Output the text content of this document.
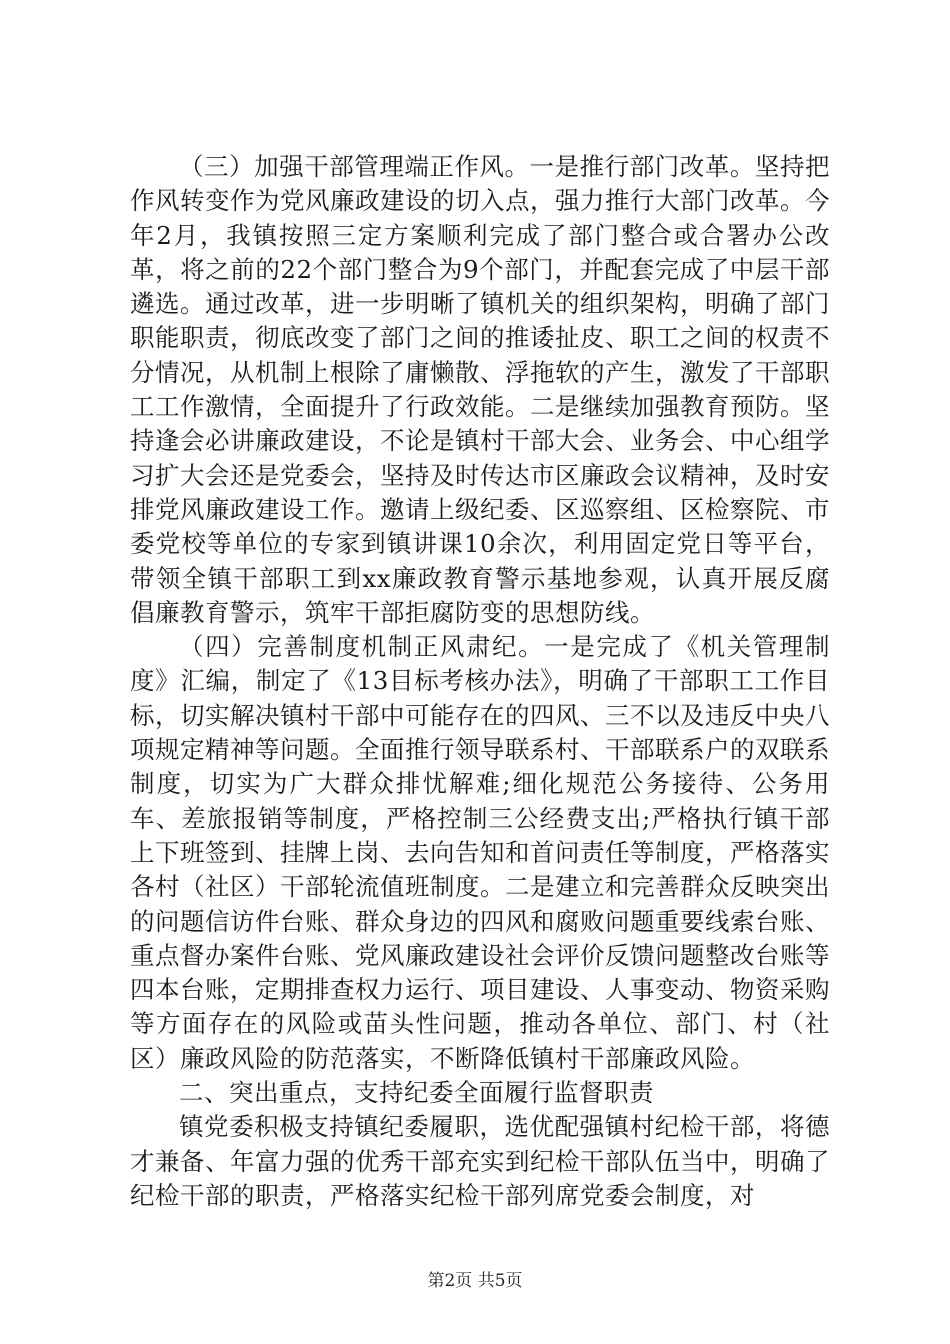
（三）加强干部管理端正作风。一是推行部门改革。坚持把作风转变作为党风廉政建设的切入点，强力推行大部门改革。今年2月，我镇按照三定方案顺利完成了部门整合或合署办公改革，将之前的22个部门整合为9个部门，并配套完成了中层干部遴选。通过改革，进一步明晰了镇机关的组织架构，明确了部门职能职责，彻底改变了部门之间的推诿扯皮、职工之间的权责不分情况，从机制上根除了庸懒散、浮拖软的产生，激发了干部职工工作激情，全面提升了行政效能。二是继续加强教育预防。坚持逢会必讲廉政建设，不论是镇村干部大会、业务会、中心组学习扩大会还是党委会，坚持及时传达市区廉政会议精神，及时安排党风廉政建设工作。邀请上级纪委、区巡察组、区检察院、市委党校等单位的专家到镇讲课10余次，利用固定党日等平台，带领全镇干部职工到xx廉政教育警示基地参观，认真开展反腐倡廉教育警示，筑牢干部拒腐防变的思想防线。

（四）完善制度机制正风肃纪。一是完成了《机关管理制度》汇编，制定了《13目标考核办法》，明确了干部职工工作目标，切实解决镇村干部中可能存在的四风、三不以及违反中央八项规定精神等问题。全面推行领导联系村、干部联系户的双联系制度，切实为广大群众排忧解难;细化规范公务接待、公务用车、差旅报销等制度，严格控制三公经费支出;严格执行镇干部上下班签到、挂牌上岗、去向告知和首问责任等制度，严格落实各村（社区）干部轮流值班制度。二是建立和完善群众反映突出的问题信访件台账、群众身边的四风和腐败问题重要线索台账、重点督办案件台账、党风廉政建设社会评价反馈问题整改台账等四本台账，定期排查权力运行、项目建设、人事变动、物资采购等方面存在的风险或苗头性问题，推动各单位、部门、村（社区）廉政风险的防范落实，不断降低镇村干部廉政风险。

二、突出重点，支持纪委全面履行监督职责

镇党委积极支持镇纪委履职，选优配强镇村纪检干部，将德才兼备、年富力强的优秀干部充实到纪检干部队伍当中，明确了纪检干部的职责，严格落实纪检干部列席党委会制度，对

第2页 共5页
